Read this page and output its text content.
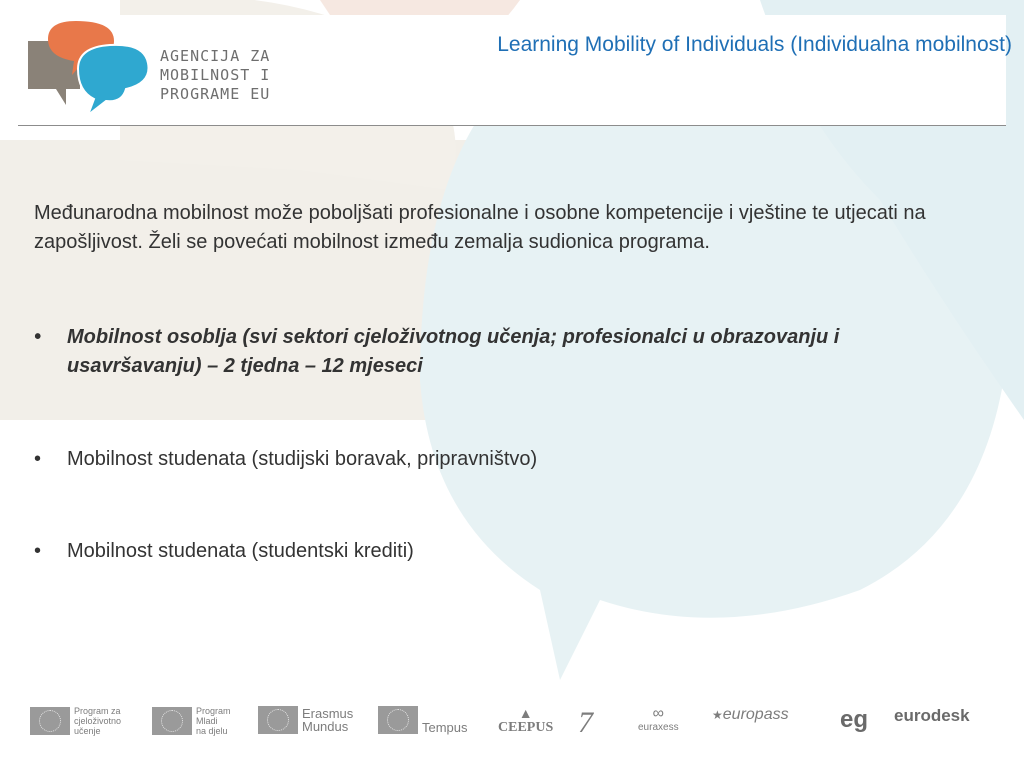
AGENCIJA ZA
MOBILNOST I
PROGRAME EU
Learning Mobility of Individuals (Individualna mobilnost)

Međunarodna mobilnost može poboljšati profesionalne i osobne kompetencije i vještine te utjecati na zapošljivost. Želi se povećati mobilnost između zemalja sudionica programa.

•	Mobilnost osoblja (svi sektori cjeloživotnog učenja; profesionalci u obrazovanju i usavršavanju) – 2 tjedna – 12 mjeseci
•	Mobilnost studenata (studijski boravak, pripravništvo)
•	Mobilnost studenata (studentski krediti)
Program za
cjeloživotno
učenje
Program
Mladi
na djelu
Erasmus
Mundus	Tempus
▲
CEEPUS 7	∞
euraxess
★ europass eg eurodesk
